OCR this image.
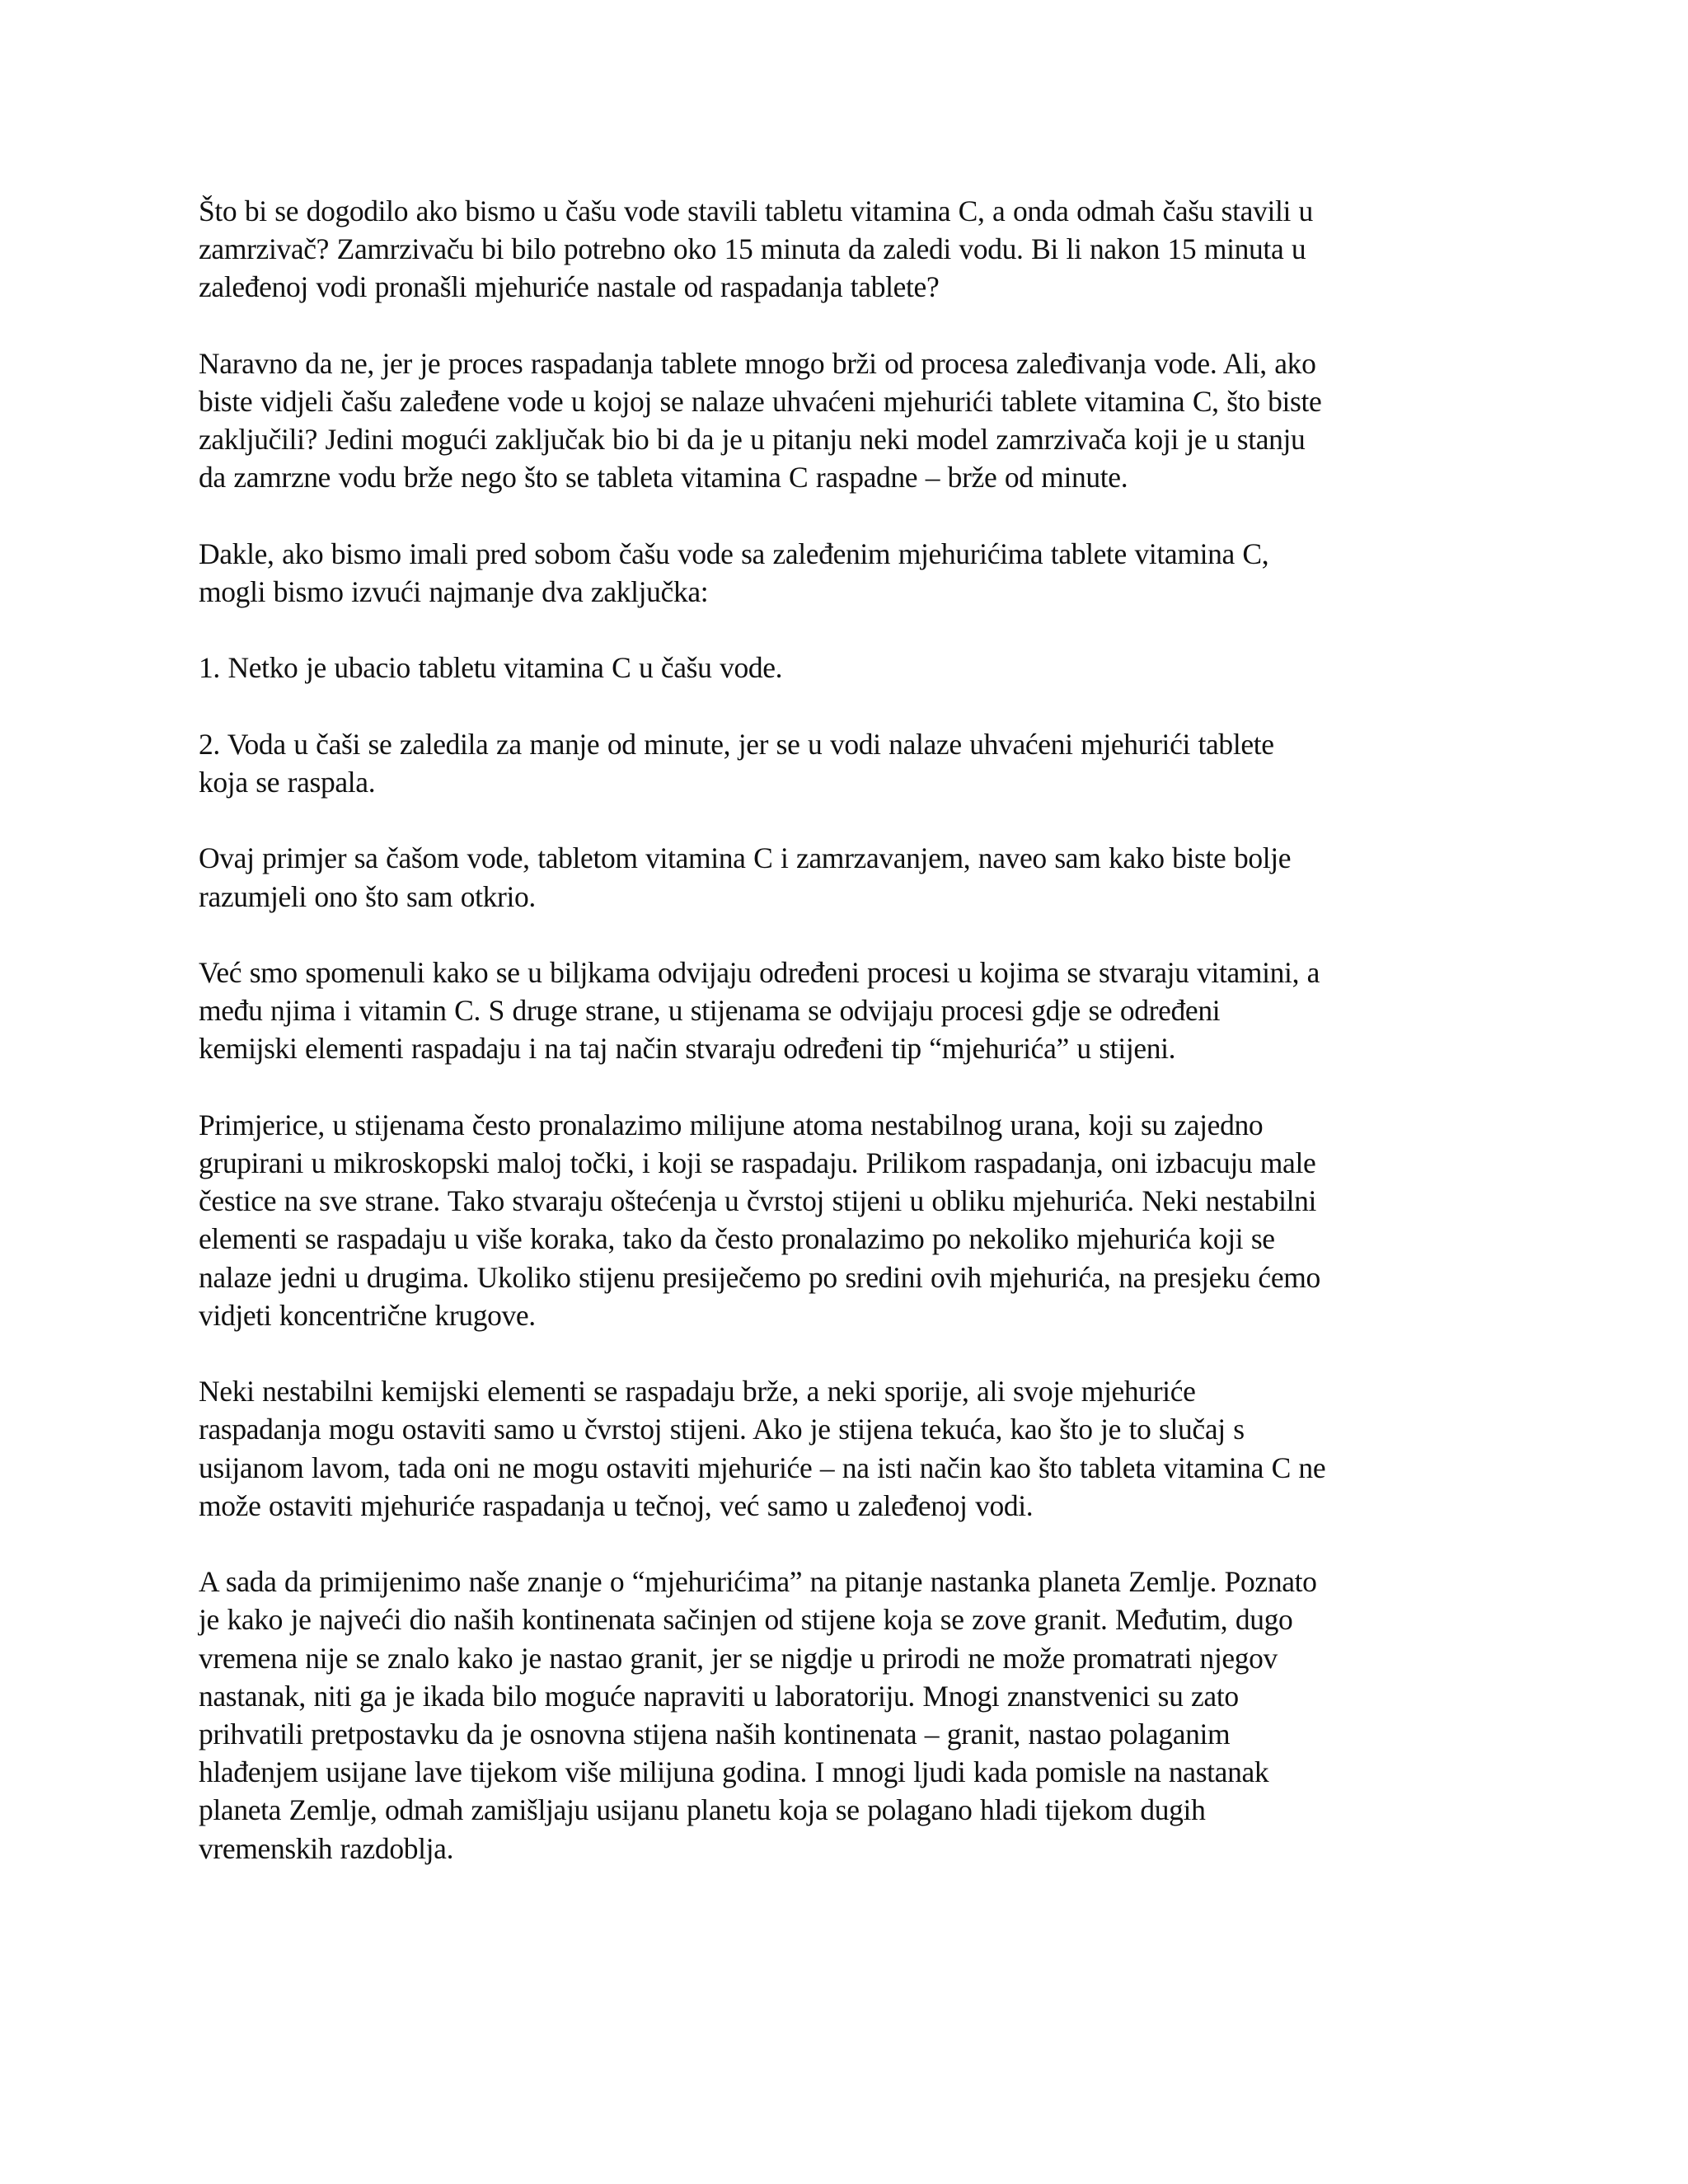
Što bi se dogodilo ako bismo u čašu vode stavili tabletu vitamina C, a onda odmah čašu stavili u
zamrzivač? Zamrzivaču bi bilo potrebno oko 15 minuta da zaledi vodu. Bi li nakon 15 minuta u
zaleđenoj vodi pronašli mjehuriće nastale od raspadanja tablete?

Naravno da ne, jer je proces raspadanja tablete mnogo brži od procesa zaleđivanja vode. Ali, ako
biste vidjeli čašu zaleđene vode u kojoj se nalaze uhvaćeni mjehurići tablete vitamina C, što biste
zaključili? Jedini mogući zaključak bio bi da je u pitanju neki model zamrzivača koji je u stanju
da zamrzne vodu brže nego što se tableta vitamina C raspadne – brže od minute.

Dakle, ako bismo imali pred sobom čašu vode sa zaleđenim mjehurićima tablete vitamina C,
mogli bismo izvući najmanje dva zaključka:

1. Netko je ubacio tabletu vitamina C u čašu vode.

2. Voda u čaši se zaledila za manje od minute, jer se u vodi nalaze uhvaćeni mjehurići tablete
koja se raspala.

Ovaj primjer sa čašom vode, tabletom vitamina C i zamrzavanjem, naveo sam kako biste bolje
razumjeli ono što sam otkrio.

Već smo spomenuli kako se u biljkama odvijaju određeni procesi u kojima se stvaraju vitamini, a
među njima i vitamin C. S druge strane, u stijenama se odvijaju procesi gdje se određeni
kemijski elementi raspadaju i na taj način stvaraju određeni tip “mjehurića” u stijeni.

Primjerice, u stijenama često pronalazimo milijune atoma nestabilnog urana, koji su zajedno
grupirani u mikroskopski maloj točki, i koji se raspadaju. Prilikom raspadanja, oni izbacuju male
čestice na sve strane. Tako stvaraju oštećenja u čvrstoj stijeni u obliku mjehurića. Neki nestabilni
elementi se raspadaju u više koraka, tako da često pronalazimo po nekoliko mjehurića koji se
nalaze jedni u drugima. Ukoliko stijenu presiječemo po sredini ovih mjehurića, na presjeku ćemo
vidjeti koncentrične krugove.

Neki nestabilni kemijski elementi se raspadaju brže, a neki sporije, ali svoje mjehuriće
raspadanja mogu ostaviti samo u čvrstoj stijeni. Ako je stijena tekuća, kao što je to slučaj s
usijanom lavom, tada oni ne mogu ostaviti mjehuriće – na isti način kao što tableta vitamina C ne
može ostaviti mjehuriće raspadanja u tečnoj, već samo u zaleđenoj vodi.

A sada da primijenimo naše znanje o “mjehurićima” na pitanje nastanka planeta Zemlje. Poznato
je kako je najveći dio naših kontinenata sačinjen od stijene koja se zove granit. Međutim, dugo
vremena nije se znalo kako je nastao granit, jer se nigdje u prirodi ne može promatrati njegov
nastanak, niti ga je ikada bilo moguće napraviti u laboratoriju. Mnogi znanstvenici su zato
prihvatili pretpostavku da je osnovna stijena naših kontinenata – granit, nastao polaganim
hlađenjem usijane lave tijekom više milijuna godina. I mnogi ljudi kada pomisle na nastanak
planeta Zemlje, odmah zamišljaju usijanu planetu koja se polagano hladi tijekom dugih
vremenskih razdoblja.
